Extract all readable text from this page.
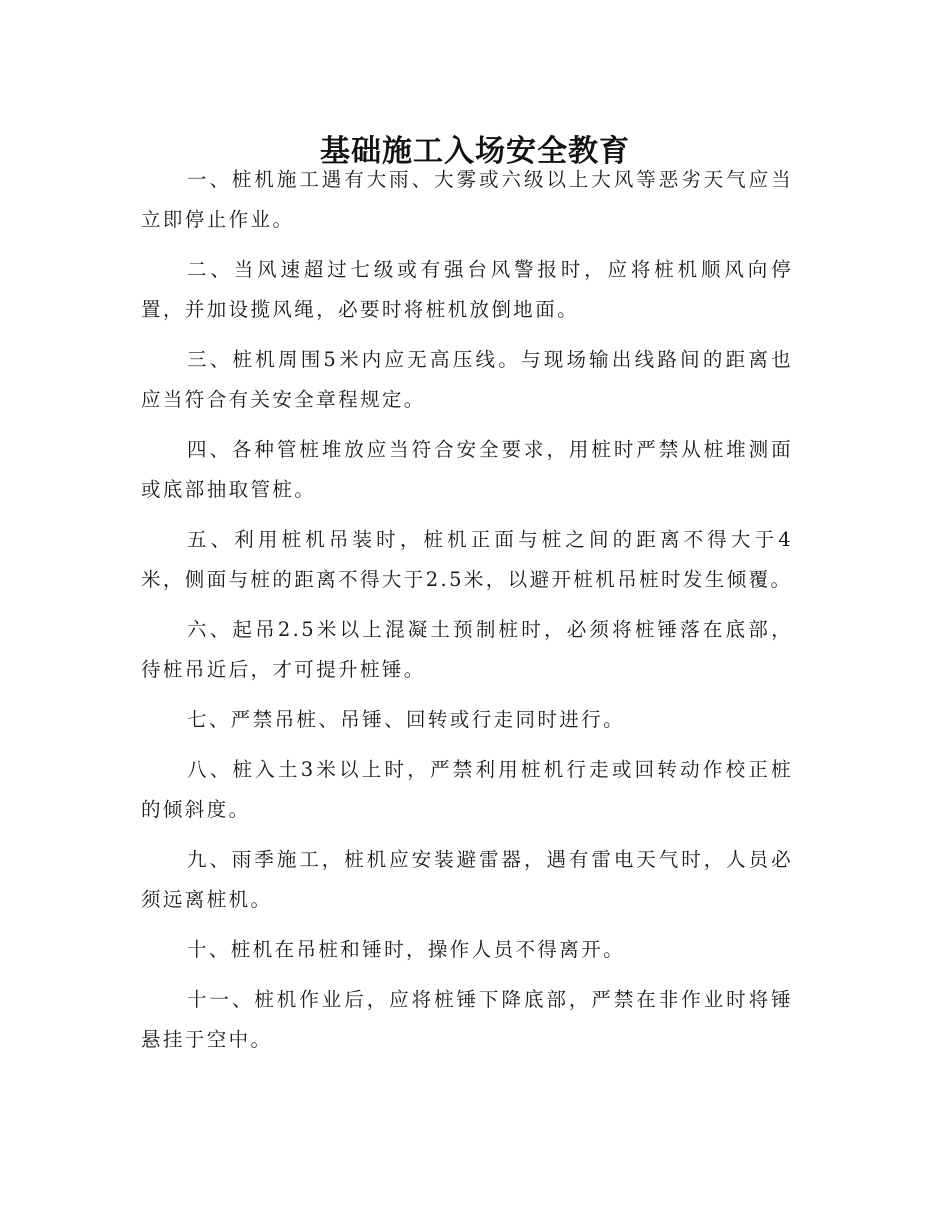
基础施工入场安全教育

一、桩机施工遇有大雨、大雾或六级以上大风等恶劣天气应当立即停止作业。

二、当风速超过七级或有强台风警报时，应将桩机顺风向停置，并加设揽风绳，必要时将桩机放倒地面。

三、桩机周围5米内应无高压线。与现场输出线路间的距离也应当符合有关安全章程规定。

四、各种管桩堆放应当符合安全要求，用桩时严禁从桩堆测面或底部抽取管桩。

五、利用桩机吊装时，桩机正面与桩之间的距离不得大于4米，侧面与桩的距离不得大于2.5米，以避开桩机吊桩时发生倾覆。

六、起吊2.5米以上混凝土预制桩时，必须将桩锤落在底部，待桩吊近后，才可提升桩锤。

七、严禁吊桩、吊锤、回转或行走同时进行。

八、桩入土3米以上时，严禁利用桩机行走或回转动作校正桩的倾斜度。

九、雨季施工，桩机应安装避雷器，遇有雷电天气时，人员必须远离桩机。

十、桩机在吊桩和锤时，操作人员不得离开。

十一、桩机作业后，应将桩锤下降底部，严禁在非作业时将锤悬挂于空中。
